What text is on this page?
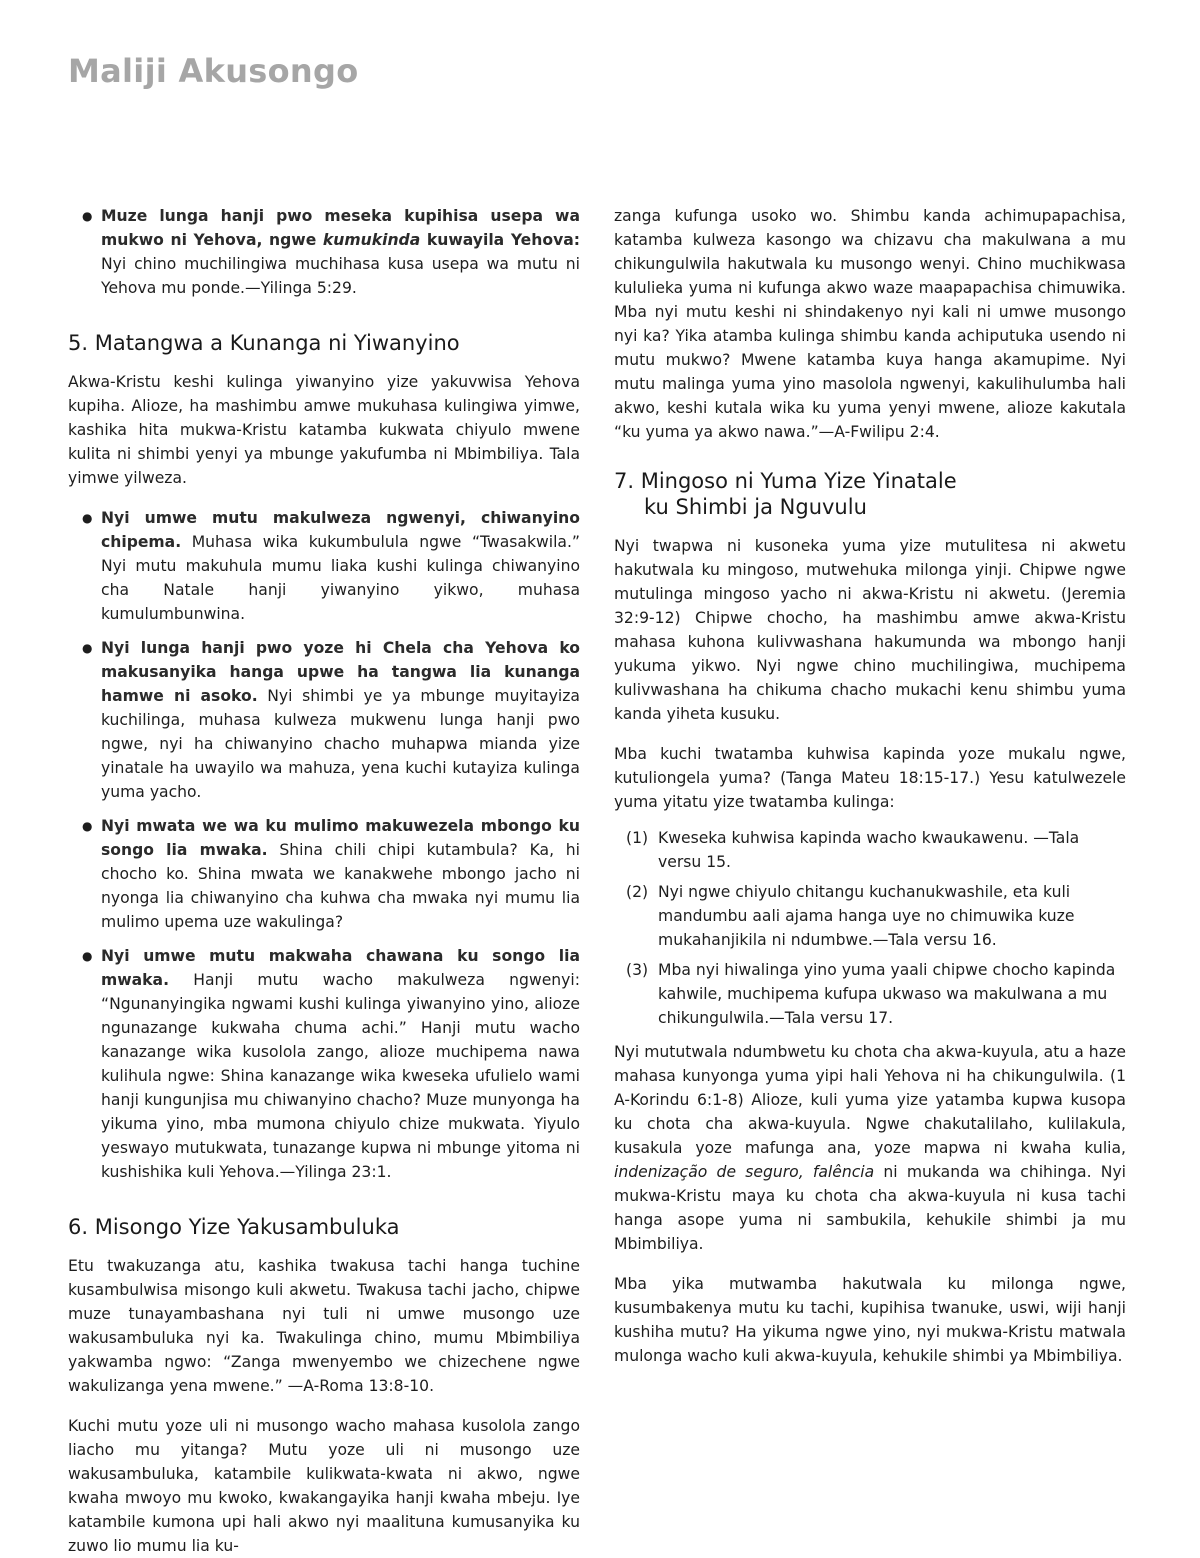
Maliji Akusongo
● Muze lunga hanji pwo meseka kupihisa usepa wa mukwo ni Yehova, ngwe kumukinda kuwayila Yehova: Nyi chino muchilingiwa muchihasa kusa usepa wa mutu ni Yehova mu ponde.—Yilinga 5:29.
5. Matangwa a Kunanga ni Yiwanyino

Akwa-Kristu keshi kulinga yiwanyino yize yakuvwisa Yehova kupiha. Alioze, ha mashimbu amwe mukuhasa kulingiwa yimwe, kashika hita mukwa-Kristu katamba kukwata chiyulo mwene kulita ni shimbi yenyi ya mbunge yakufumba ni Mbimbiliya. Tala yimwe yilweza.

● Nyi umwe mutu makulweza ngwenyi, chiwanyino chipema. Muhasa wika kukumbulula ngwe “Twasakwila.” Nyi mutu makuhula mumu liaka kushi kulinga chiwanyino cha Natale hanji yiwanyino yikwo, muhasa kumulumbunwina.
● Nyi lunga hanji pwo yoze hi Chela cha Yehova ko makusanyika hanga upwe ha tangwa lia kunanga hamwe ni asoko. Nyi shimbi ye ya mbunge muyitayiza kuchilinga, muhasa kulweza mukwenu lunga hanji pwo ngwe, nyi ha chiwanyino chacho muhapwa mianda yize yinatale ha uwayilo wa mahuza, yena kuchi kutayiza kulinga yuma yacho.
● Nyi mwata we wa ku mulimo makuwezela mbongo ku songo lia mwaka. Shina chili chipi kutambula? Ka, hi chocho ko. Shina mwata we kanakwehe mbongo jacho ni nyonga lia chiwanyino cha kuhwa cha mwaka nyi mumu lia mulimo upema uze wakulinga?
● Nyi umwe mutu makwaha chawana ku songo lia mwaka. Hanji mutu wacho makulweza ngwenyi: “Ngunanyingika ngwami kushi kulinga yiwanyino yino, alioze ngunazange kukwaha chuma achi.” Hanji mutu wacho kanazange wika kusolola zango, alioze muchipema nawa kulihula ngwe: Shina kanazange wika kweseka ufulielo wami hanji kungunjisa mu chiwanyino chacho? Muze munyonga ha yikuma yino, mba mumona chiyulo chize mukwata. Yiyulo yeswayo mutukwata, tunazange kupwa ni mbunge yitoma ni kushishika kuli Yehova.—Yilinga 23:1.
6. Misongo Yize Yakusambuluka

Etu twakuzanga atu, kashika twakusa tachi hanga tuchine kusambulwisa misongo kuli akwetu. Twakusa tachi jacho, chipwe muze tunayambashana nyi tuli ni umwe musongo uze wakusambuluka nyi ka. Twakulinga chino, mumu Mbimbiliya yakwamba ngwo: “Zanga mwenyembo we chizechene ngwe wakulizanga yena mwene.” —A-Roma 13:8-10.

Kuchi mutu yoze uli ni musongo wacho mahasa kusolola zango liacho mu yitanga? Mutu yoze uli ni musongo uze wakusambuluka, katambile kulikwata-kwata ni akwo, ngwe kwaha mwoyo mu kwoko, kwakangayika hanji kwaha mbeju. Iye katambile kumona upi hali akwo nyi maalituna kumusanyika ku zuwo lio mumu lia ku-

zanga kufunga usoko wo. Shimbu kanda achimupapachisa, katamba kulweza kasongo wa chizavu cha makulwana a mu chikungulwila hakutwala ku musongo wenyi. Chino muchikwasa kululieka yuma ni kufunga akwo waze maapapachisa chimuwika. Mba nyi mutu keshi ni shindakenyo nyi kali ni umwe musongo nyi ka? Yika atamba kulinga shimbu kanda achiputuka usendo ni mutu mukwo? Mwene katamba kuya hanga akamupime. Nyi mutu malinga yuma yino masolola ngwenyi, kakulihulumba hali akwo, keshi kutala wika ku yuma yenyi mwene, alioze kakutala “ku yuma ya akwo nawa.”—A-Fwilipu 2:4.

7. Mingoso ni Yuma Yize Yinatale
ku Shimbi ja Nguvulu

Nyi twapwa ni kusoneka yuma yize mutulitesa ni akwetu hakutwala ku mingoso, mutwehuka milonga yinji. Chipwe ngwe mutulinga mingoso yacho ni akwa-Kristu ni akwetu. (Jeremia 32:9-12) Chipwe chocho, ha mashimbu amwe akwa-Kristu mahasa kuhona kulivwashana hakumunda wa mbongo hanji yukuma yikwo. Nyi ngwe chino muchilingiwa, muchipema kulivwashana ha chikuma chacho mukachi kenu shimbu yuma kanda yiheta kusuku.

Mba kuchi twatamba kuhwisa kapinda yoze mukalu ngwe, kutuliongela yuma? (Tanga Mateu 18:15-17.) Yesu katulwezele yuma yitatu yize twatamba kulinga:

(1) Kweseka kuhwisa kapinda wacho kwaukawenu. —Tala versu 15.
(2) Nyi ngwe chiyulo chitangu kuchanukwashile, eta kuli mandumbu aali ajama hanga uye no chimuwika kuze mukahanjikila ni ndumbwe.—Tala versu 16.
(3) Mba nyi hiwalinga yino yuma yaali chipwe chocho kapinda kahwile, muchipema kufupa ukwaso wa makulwana a mu chikungulwila.—Tala versu 17.

Nyi mututwala ndumbwetu ku chota cha akwa-kuyula, atu a haze mahasa kunyonga yuma yipi hali Yehova ni ha chikungulwila. (1 A-Korindu 6:1-8) Alioze, kuli yuma yize yatamba kupwa kusopa ku chota cha akwa-kuyula. Ngwe chakutalilaho, kulilakula, kusakula yoze mafunga ana, yoze mapwa ni kwaha kulia, indenização de seguro, falência ni mukanda wa chihinga. Nyi mukwa-Kristu maya ku chota cha akwa-kuyula ni kusa tachi hanga asope yuma ni sambukila, kehukile shimbi ja mu Mbimbiliya.

Mba yika mutwamba hakutwala ku milonga ngwe, kusumbakenya mutu ku tachi, kupihisa twanuke, uswi, wiji hanji kushiha mutu? Ha yikuma ngwe yino, nyi mukwa-Kristu matwala mulonga wacho kuli akwa-kuyula, kehukile shimbi ya Mbimbiliya.
